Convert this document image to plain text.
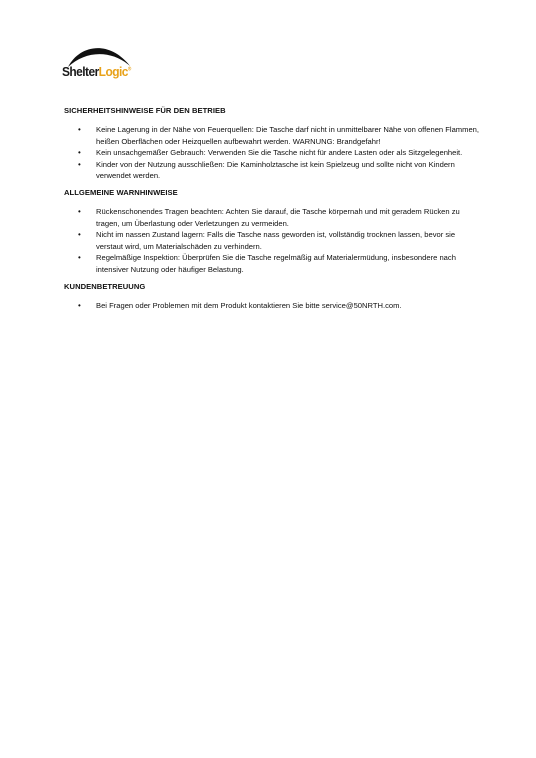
ShelterLogic®
SICHERHEITSHINWEISE FÜR DEN BETRIEB
• Keine Lagerung in der Nähe von Feuerquellen: Die Tasche darf nicht in unmittelbarer Nähe von offenen Flammen, heißen Oberflächen oder Heizquellen aufbewahrt werden. WARNUNG: Brandgefahr!
• Kein unsachgemäßer Gebrauch: Verwenden Sie die Tasche nicht für andere Lasten oder als Sitzgelegenheit.
• Kinder von der Nutzung ausschließen: Die Kaminholztasche ist kein Spielzeug und sollte nicht von Kindern verwendet werden.
ALLGEMEINE WARNHINWEISE
• Rückenschonendes Tragen beachten: Achten Sie darauf, die Tasche körpernah und mit geradem Rücken zu tragen, um Überlastung oder Verletzungen zu vermeiden.
• Nicht im nassen Zustand lagern: Falls die Tasche nass geworden ist, vollständig trocknen lassen, bevor sie verstaut wird, um Materialschäden zu verhindern.
• Regelmäßige Inspektion: Überprüfen Sie die Tasche regelmäßig auf Materialermüdung, insbesondere nach intensiver Nutzung oder häufiger Belastung.
KUNDENBETREUUNG
• Bei Fragen oder Problemen mit dem Produkt kontaktieren Sie bitte service@50NRTH.com.
